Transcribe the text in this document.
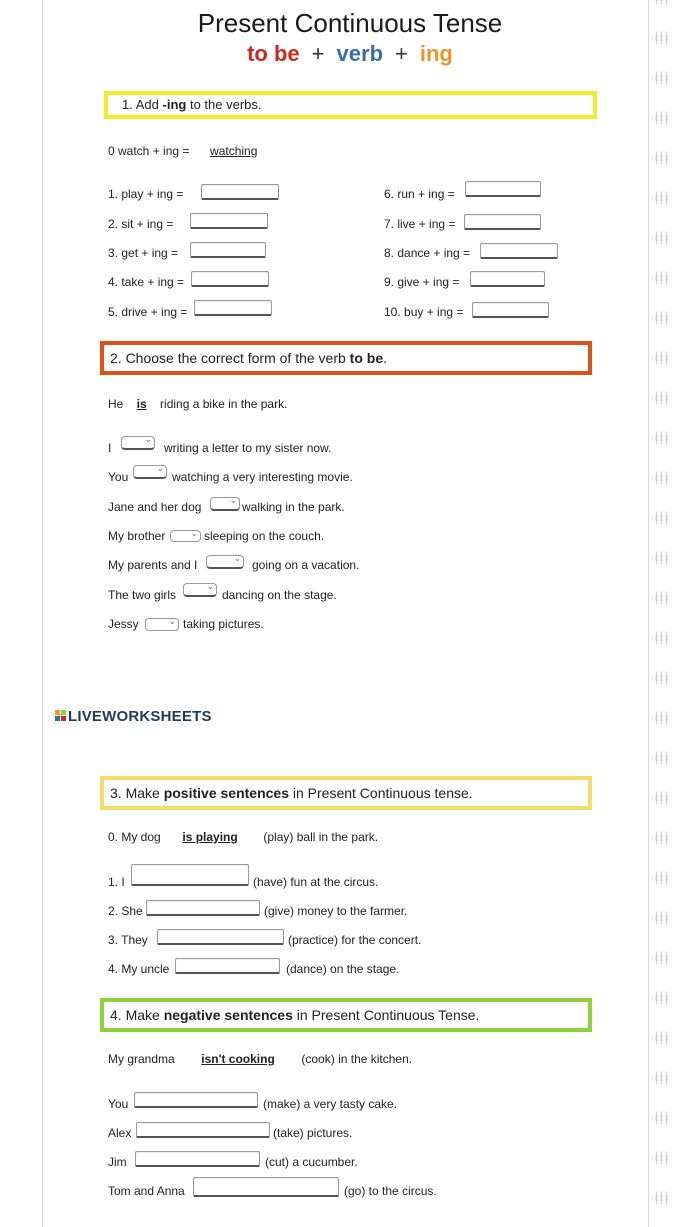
Present Continuous Tense
to be + verb + ing
1. Add -ing to the verbs.
0 watch + ing = watching
1. play + ing =
2. sit + ing =
3. get + ing =
4. take + ing =
5. drive + ing =
6. run + ing =
7. live + ing =
8. dance + ing =
9. give + ing =
10. buy + ing =
2. Choose the correct form of the verb to be.
He is riding a bike in the park.
I
⌄
writing a letter to my sister now.
You
⌄
watching a very interesting movie.
Jane and her dog	⌄ walking in the park.
My brother	⌄ sleeping on the couch.
My parents and I	⌄ going on a vacation.
The two girls
⌄
dancing on the stage.
Jessy	⌄ taking pictures.
LIVEWORKSHEETS
3. Make positive sentences in Present Continuous tense.
0. My dog is playing (play) ball in the park.
1. I	(have) fun at the circus.
2. She	(give) money to the farmer.
3. They	(practice) for the concert.
4. My uncle	(dance) on the stage.
4. Make negative sentences in Present Continuous Tense.
My grandma isn't cooking (cook) in the kitchen.
You	(make) a very tasty cake.
Alex	(take) pictures.
Jim	(cut) a cucumber.
Tom and Anna	(go) to the circus.
